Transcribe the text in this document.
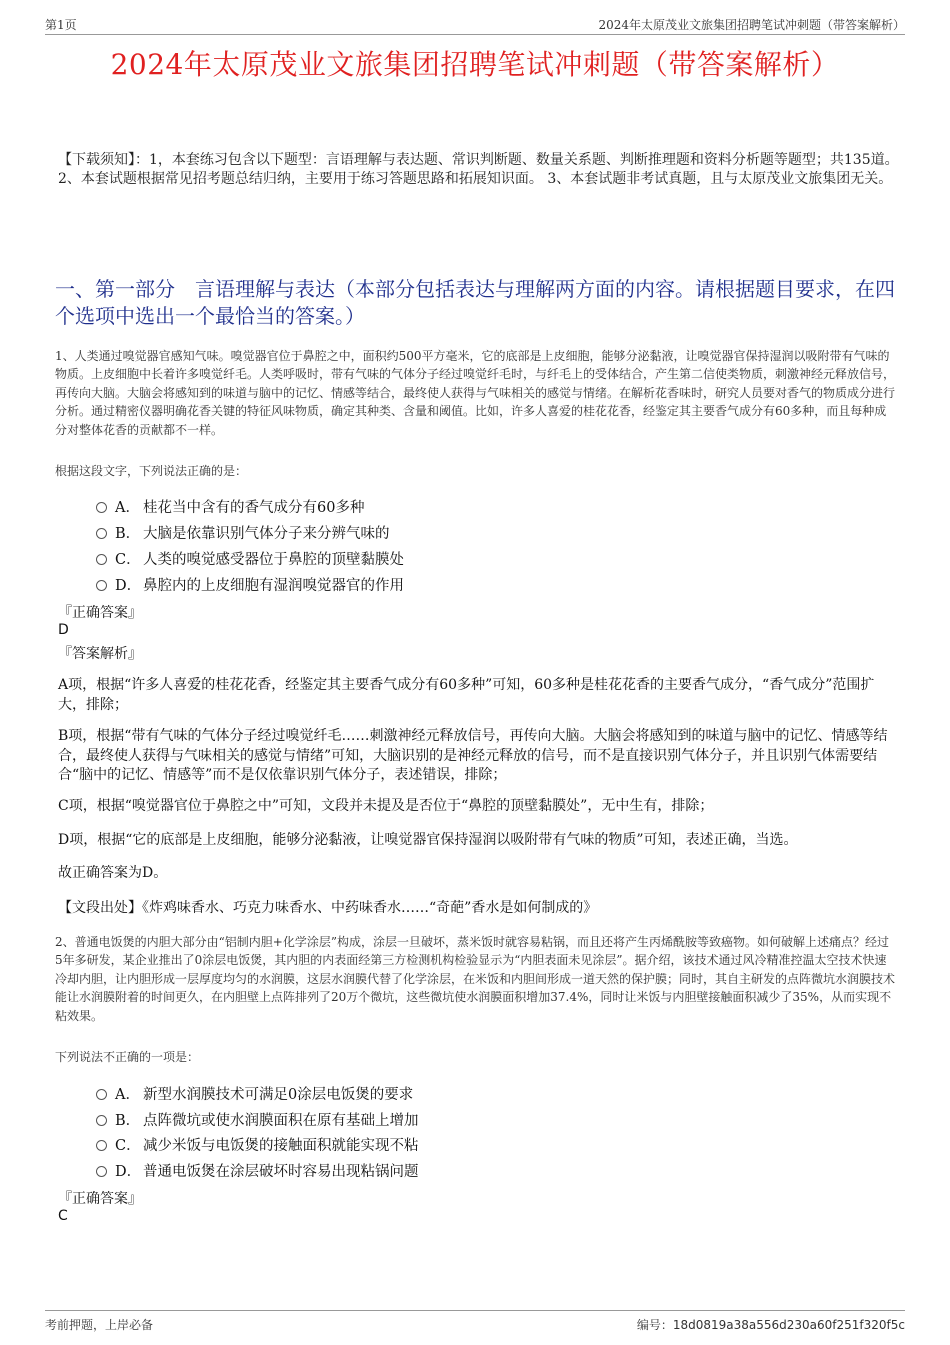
第1页	2024年太原茂业文旅集团招聘笔试冲刺题（带答案解析）
2024年太原茂业文旅集团招聘笔试冲刺题（带答案解析）
【下载须知】：1，本套练习包含以下题型：言语理解与表达题、常识判断题、数量关系题、判断推理题和资料分析题等题型；共135道。 2、本套试题根据常见招考题总结归纳，主要用于练习答题思路和拓展知识面。 3、本套试题非考试真题，且与太原茂业文旅集团无关。
一、第一部分　言语理解与表达（本部分包括表达与理解两方面的内容。请根据题目要求，在四个选项中选出一个最恰当的答案。）
1、人类通过嗅觉器官感知气味。嗅觉器官位于鼻腔之中，面积约500平方毫米，它的底部是上皮细胞，能够分泌黏液，让嗅觉器官保持湿润以吸附带有气味的物质。上皮细胞中长着许多嗅觉纤毛。人类呼吸时，带有气味的气体分子经过嗅觉纤毛时，与纤毛上的受体结合，产生第二信使类物质，刺激神经元释放信号，再传向大脑。大脑会将感知到的味道与脑中的记忆、情感等结合，最终使人获得与气味相关的感觉与情绪。在解析花香味时，研究人员要对香气的物质成分进行分析。通过精密仪器明确花香关键的特征风味物质，确定其种类、含量和阈值。比如，许多人喜爱的桂花花香，经鉴定其主要香气成分有60多种，而且每种成分对整体花香的贡献都不一样。
根据这段文字，下列说法正确的是：
A． 桂花当中含有的香气成分有60多种
B． 大脑是依靠识别气体分子来分辨气味的
C． 人类的嗅觉感受器位于鼻腔的顶壁黏膜处
D． 鼻腔内的上皮细胞有湿润嗅觉器官的作用
『正确答案』
D
『答案解析』
A项，根据“许多人喜爱的桂花花香，经鉴定其主要香气成分有60多种”可知，60多种是桂花花香的主要香气成分，“香气成分”范围扩大，排除；
B项，根据“带有气味的气体分子经过嗅觉纤毛……刺激神经元释放信号，再传向大脑。大脑会将感知到的味道与脑中的记忆、情感等结合，最终使人获得与气味相关的感觉与情绪”可知，大脑识别的是神经元释放的信号，而不是直接识别气体分子，并且识别气体需要结合“脑中的记忆、情感等”而不是仅依靠识别气体分子，表述错误，排除；
C项，根据“嗅觉器官位于鼻腔之中”可知，文段并未提及是否位于“鼻腔的顶壁黏膜处”，无中生有，排除；
D项，根据“它的底部是上皮细胞，能够分泌黏液，让嗅觉器官保持湿润以吸附带有气味的物质”可知，表述正确，当选。
故正确答案为D。
【文段出处】《炸鸡味香水、巧克力味香水、中药味香水……“奇葩”香水是如何制成的》
2、普通电饭煲的内胆大部分由“铝制内胆+化学涂层”构成，涂层一旦破坏，蒸米饭时就容易粘锅，而且还将产生丙烯酰胺等致癌物。如何破解上述痛点？经过5年多研发，某企业推出了0涂层电饭煲，其内胆的内表面经第三方检测机构检验显示为“内胆表面未见涂层”。据介绍，该技术通过风冷精准控温太空技术快速冷却内胆，让内胆形成一层厚度均匀的水润膜，这层水润膜代替了化学涂层，在米饭和内胆间形成一道天然的保护膜；同时，其自主研发的点阵微坑水润膜技术能让水润膜附着的时间更久，在内胆壁上点阵排列了20万个微坑，这些微坑使水润膜面积增加37.4%，同时让米饭与内胆壁接触面积减少了35%，从而实现不粘效果。
下列说法不正确的一项是：
A． 新型水润膜技术可满足0涂层电饭煲的要求
B． 点阵微坑或使水润膜面积在原有基础上增加
C． 减少米饭与电饭煲的接触面积就能实现不粘
D． 普通电饭煲在涂层破坏时容易出现粘锅问题
『正确答案』
C
考前押题，上岸必备	编号：18d0819a38a556d230a60f251f320f5c
